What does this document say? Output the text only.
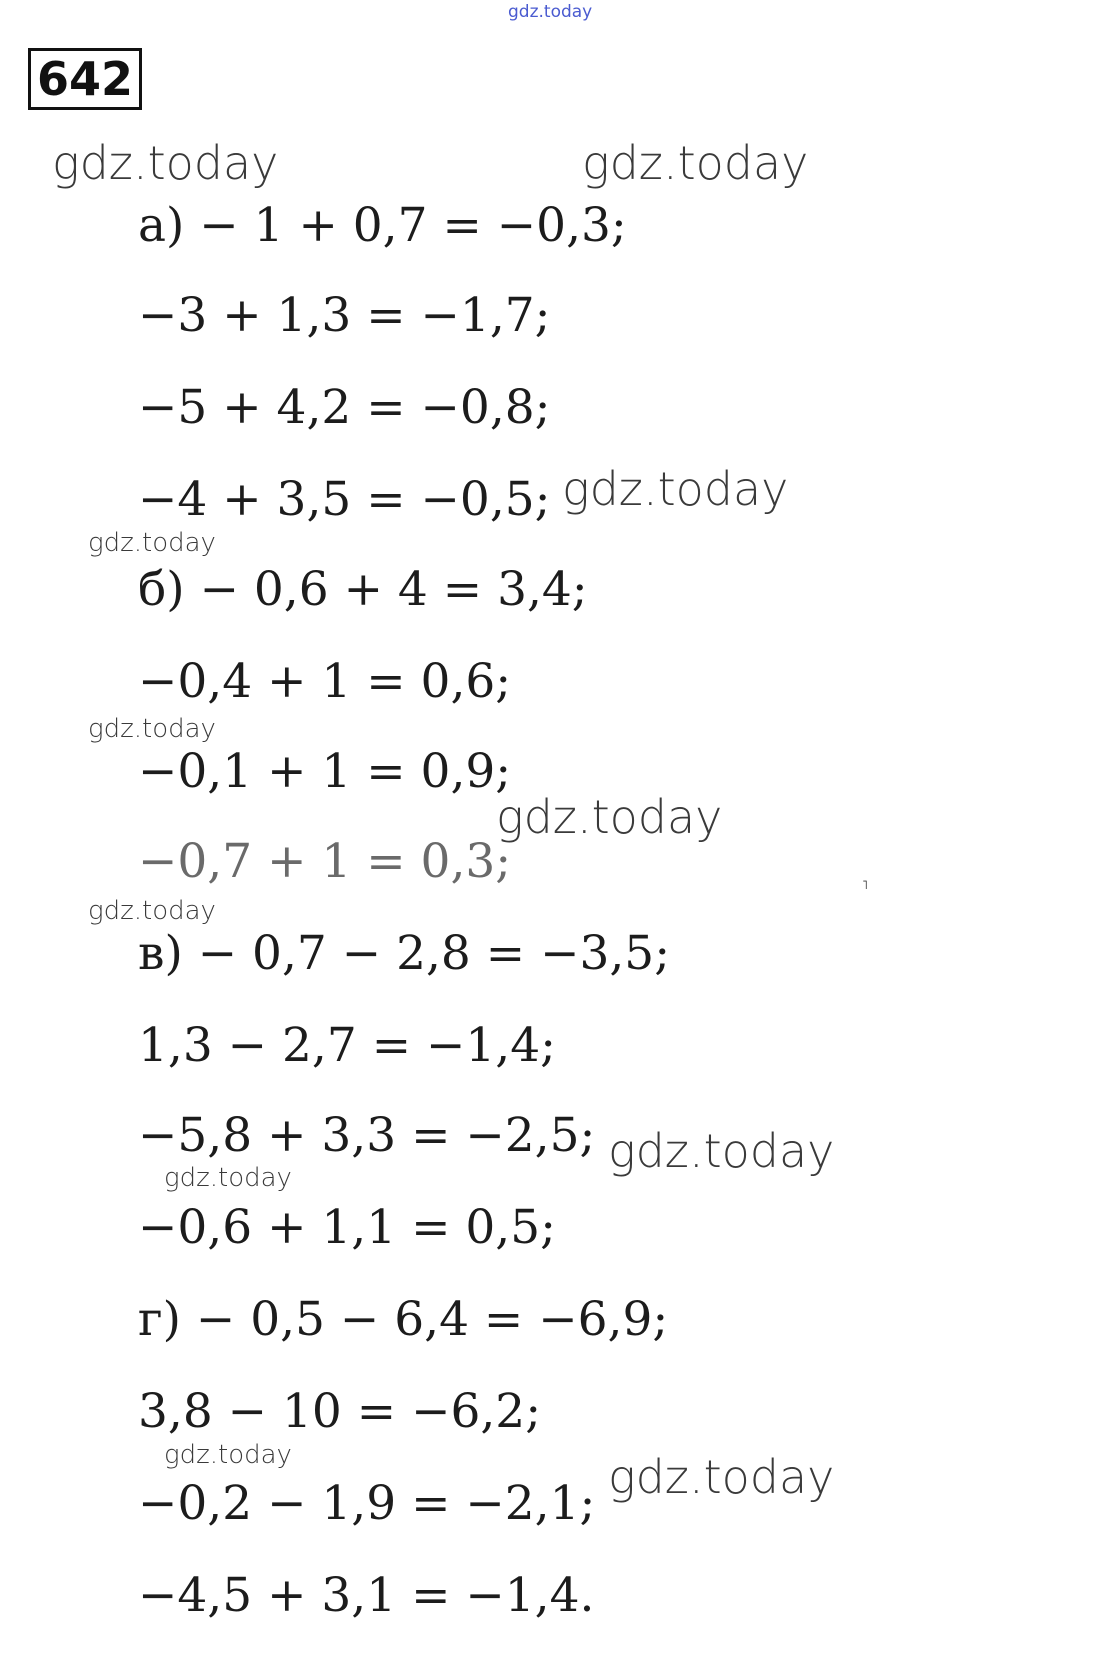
gdz.today
642
gdz.today	gdz.today
gdz.today
gdz.today
gdz.today
gdz.today
gdz.today
gdz.today
gdz.today
gdz.today	gdz.today
а) − 1 + 0,7 = −0,3;
−3 + 1,3 = −1,7;
−5 + 4,2 = −0,8;
−4 + 3,5 = −0,5;
б) − 0,6 + 4 = 3,4;
−0,4 + 1 = 0,6;
−0,1 + 1 = 0,9;
−0,7 + 1 = 0,3;
в) − 0,7 − 2,8 = −3,5;
1,3 − 2,7 = −1,4;
−5,8 + 3,3 = −2,5;
−0,6 + 1,1 = 0,5;
г) − 0,5 − 6,4 = −6,9;
3,8 − 10 = −6,2;
−0,2 − 1,9 = −2,1;
−4,5 + 3,1 = −1,4.
˥
